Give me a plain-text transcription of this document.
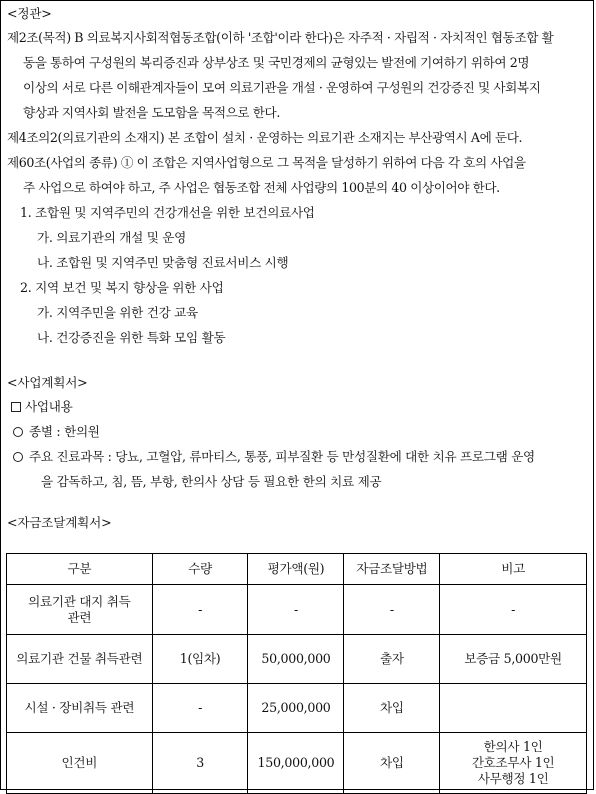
<정관>

제2조(목적) B 의료복지사회적협동조합(이하 '조합'이라 한다)은 자주적 · 자립적 · 자치적인 협동조합 활
동을 통하여 구성원의 복리증진과 상부상조 및 국민경제의 균형있는 발전에 기여하기 위하여 2명
이상의 서로 다른 이해관계자들이 모여 의료기관을 개설 · 운영하여 구성원의 건강증진 및 사회복지
향상과 지역사회 발전을 도모함을 목적으로 한다.

제4조의2(의료기관의 소재지) 본 조합이 설치 · 운영하는 의료기관 소재지는 부산광역시 A에 둔다.

제60조(사업의 종류) ① 이 조합은 지역사업형으로 그 목적을 달성하기 위하여 다음 각 호의 사업을
주 사업으로 하여야 하고, 주 사업은 협동조합 전체 사업량의 100분의 40 이상이어야 한다.

1. 조합원 및 지역주민의 건강개선을 위한 보건의료사업
가. 의료기관의 개설 및 운영
나. 조합원 및 지역주민 맞춤형 진료서비스 시행
2. 지역 보건 및 복지 향상을 위한 사업
가. 지역주민을 위한 건강 교육
나. 건강증진을 위한 특화 모임 활동
<사업계획서>
사업내용
종별 : 한의원
주요 진료과목 : 당뇨, 고혈압, 류마티스, 통풍, 피부질환 등 만성질환에 대한 치유 프로그램 운영
을 감독하고, 침, 뜸, 부항, 한의사 상담 등 필요한 한의 치료 제공
<자금조달계획서>
구분	수량	평가액(원)	자금조달방법	비고

의료기관 대지 취득
관련	-	-	-	-
의료기관 건물 취득관련	1(임차)	50,000,000	출자	보증금 5,000만원
시설 · 장비취득 관련	-	25,000,000	차입	
인건비	3	150,000,000	차입	한의사 1인
간호조무사 1인
사무행정 1인
